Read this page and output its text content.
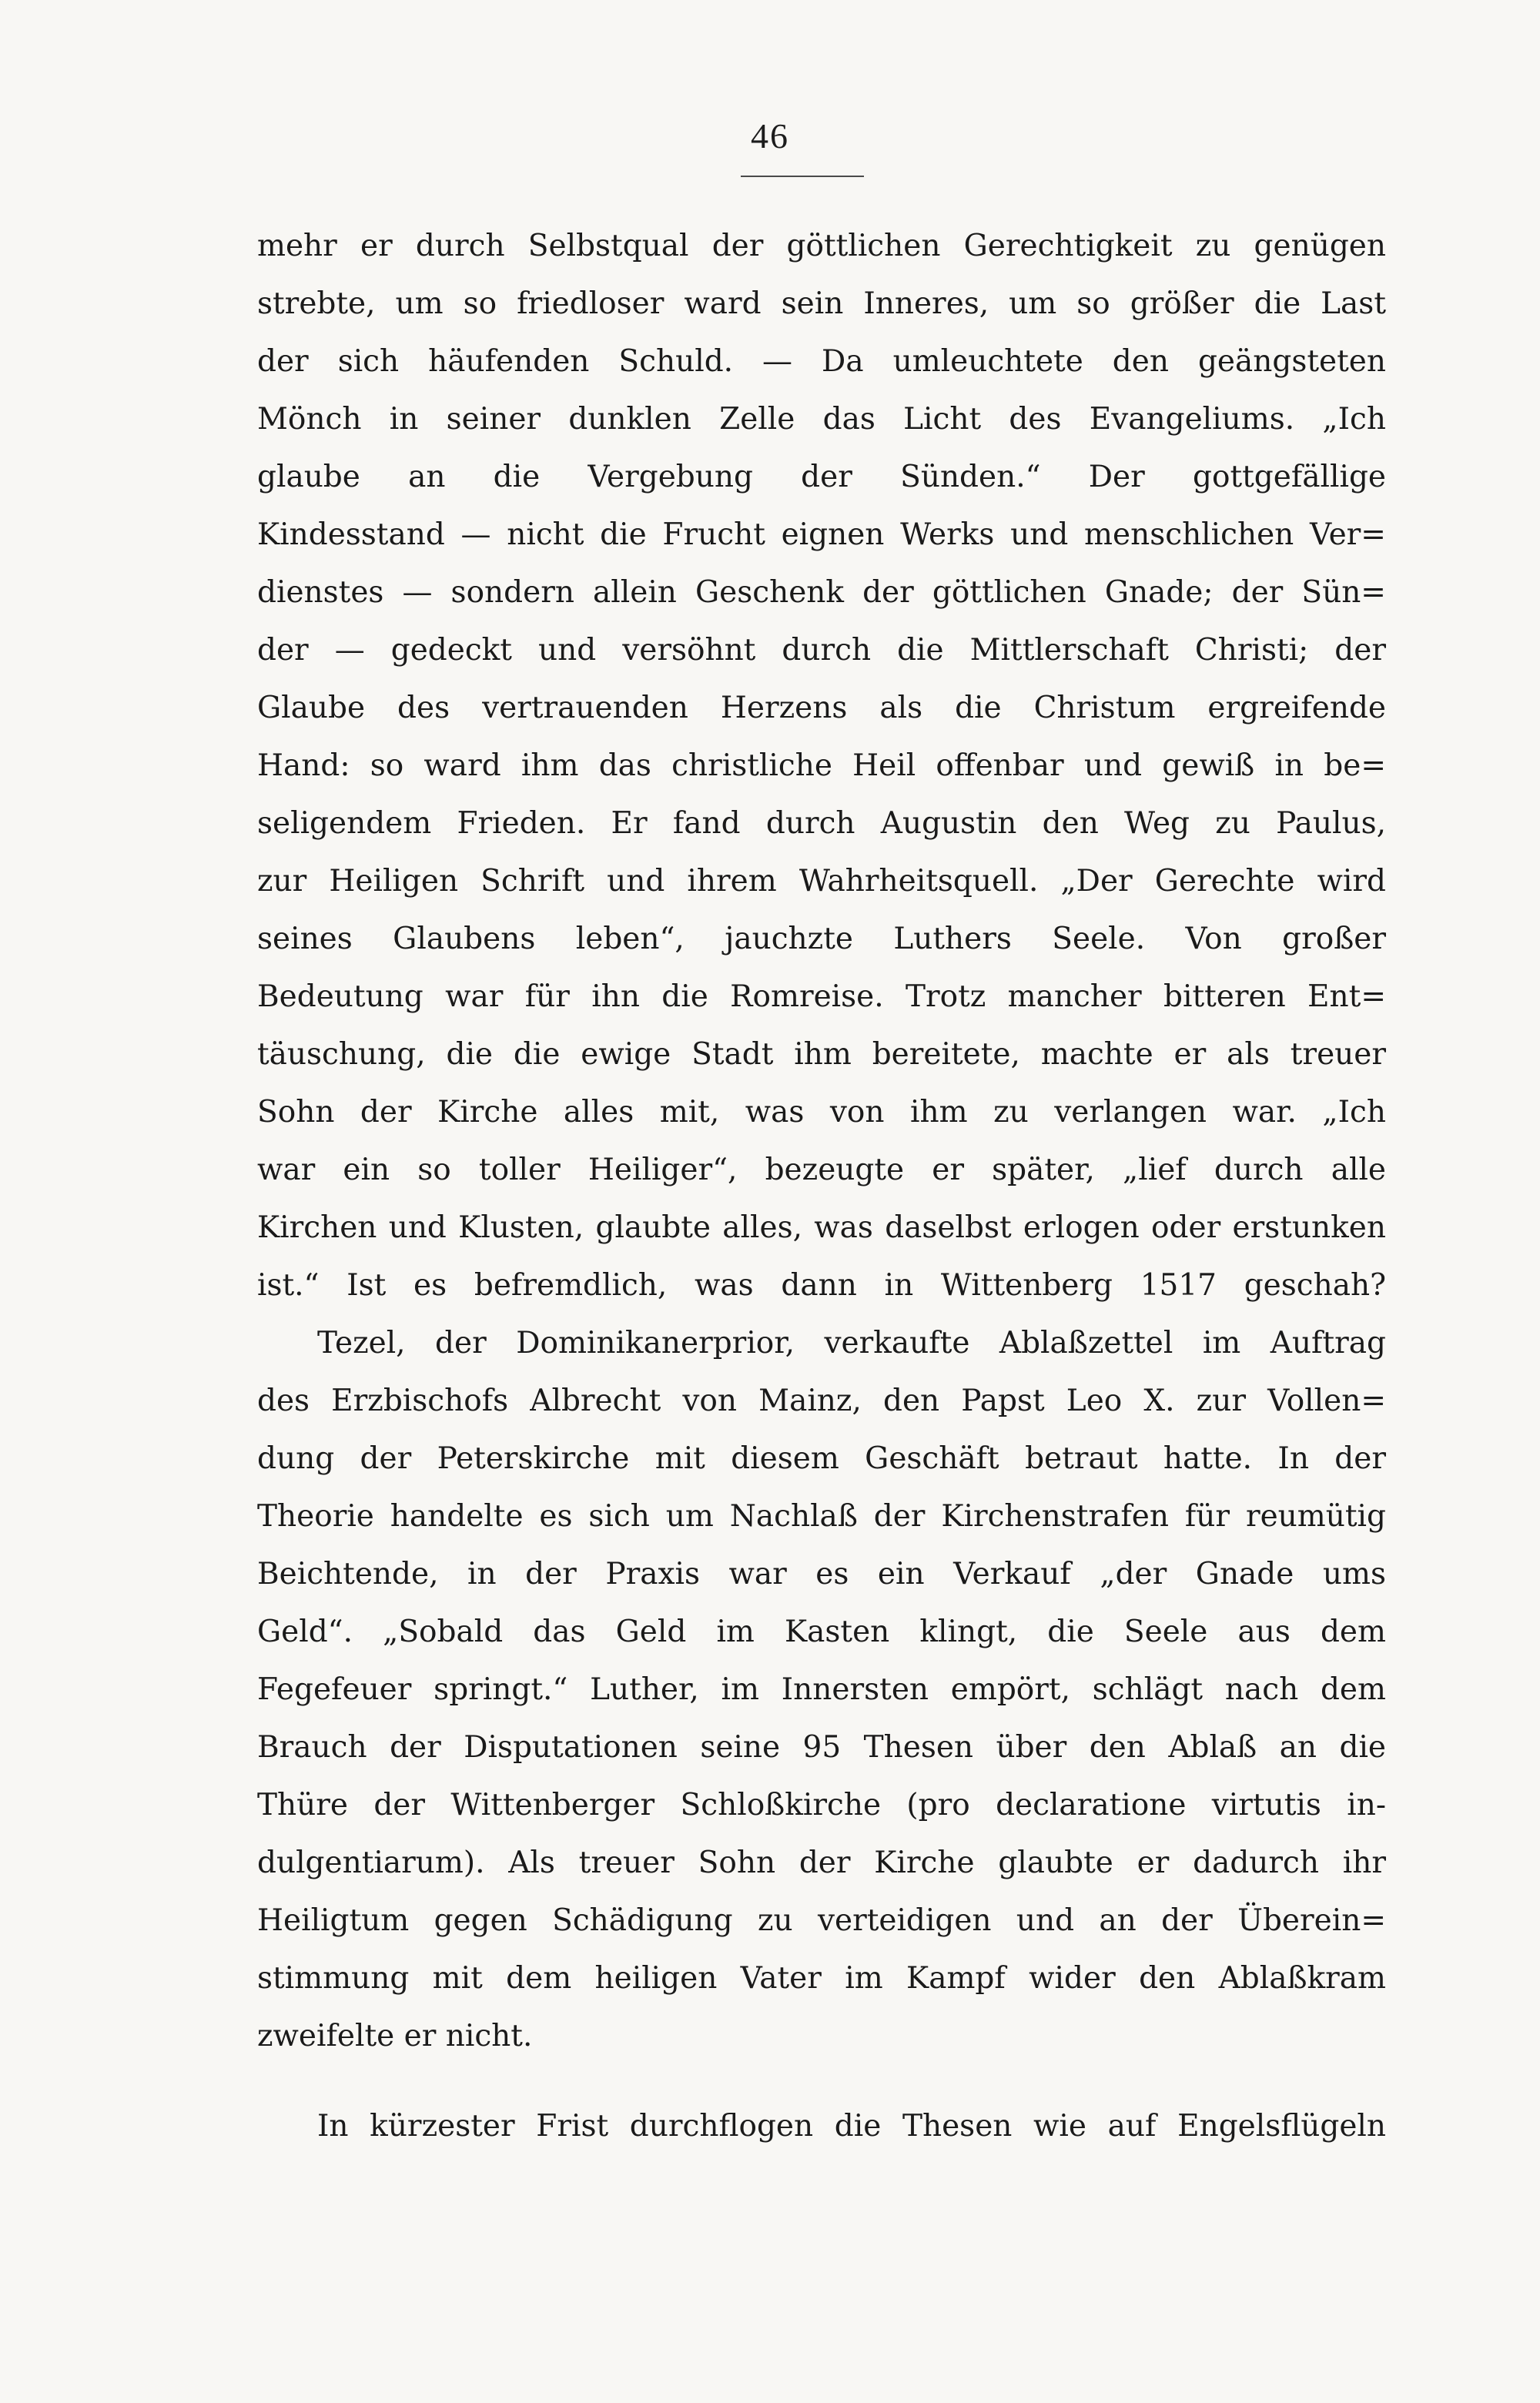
46
mehr er durch Selbstqual der göttlichen Gerechtigkeit zu genügen
strebte, um so friedloser ward sein Inneres, um so größer die Last
der sich häufenden Schuld. — Da umleuchtete den geängsteten
Mönch in seiner dunklen Zelle das Licht des Evangeliums. „Ich
glaube an die Vergebung der Sünden.“ Der gottgefällige
Kindesstand — nicht die Frucht eignen Werks und menschlichen Ver=
dienstes — sondern allein Geschenk der göttlichen Gnade; der Sün=
der — gedeckt und versöhnt durch die Mittlerschaft Christi; der
Glaube des vertrauenden Herzens als die Christum ergreifende
Hand: so ward ihm das christliche Heil offenbar und gewiß in be=
seligendem Frieden. Er fand durch Augustin den Weg zu Paulus,
zur Heiligen Schrift und ihrem Wahrheitsquell. „Der Gerechte wird
seines Glaubens leben“, jauchzte Luthers Seele. Von großer
Bedeutung war für ihn die Romreise. Trotz mancher bitteren Ent=
täuschung, die die ewige Stadt ihm bereitete, machte er als treuer
Sohn der Kirche alles mit, was von ihm zu verlangen war. „Ich
war ein so toller Heiliger“, bezeugte er später, „lief durch alle
Kirchen und Klusten, glaubte alles, was daselbst erlogen oder erstunken
ist.“ Ist es befremdlich, was dann in Wittenberg 1517 geschah?
Tezel, der Dominikanerprior, verkaufte Ablaßzettel im Auftrag
des Erzbischofs Albrecht von Mainz, den Papst Leo X. zur Vollen=
dung der Peterskirche mit diesem Geschäft betraut hatte. In der
Theorie handelte es sich um Nachlaß der Kirchenstrafen für reumütig
Beichtende, in der Praxis war es ein Verkauf „der Gnade ums
Geld“. „Sobald das Geld im Kasten klingt, die Seele aus dem
Fegefeuer springt.“ Luther, im Innersten empört, schlägt nach dem
Brauch der Disputationen seine 95 Thesen über den Ablaß an die
Thüre der Wittenberger Schloßkirche (pro declaratione virtutis in-
dulgentiarum). Als treuer Sohn der Kirche glaubte er dadurch ihr
Heiligtum gegen Schädigung zu verteidigen und an der Überein=
stimmung mit dem heiligen Vater im Kampf wider den Ablaßkram
zweifelte er nicht.
In kürzester Frist durchflogen die Thesen wie auf Engelsflügeln
